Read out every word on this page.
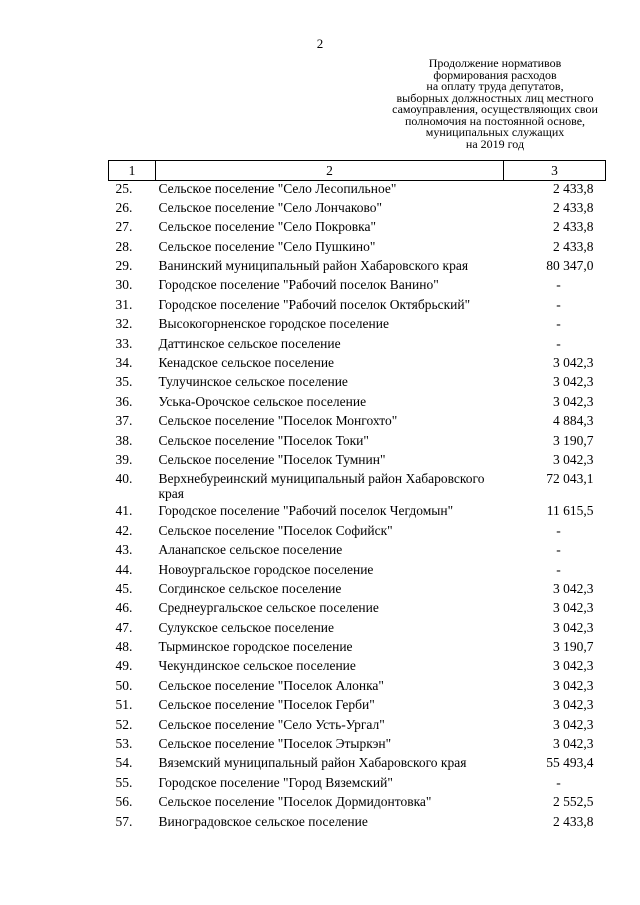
2
Продолжение нормативов
формирования расходов
на оплату труда депутатов,
выборных должностных лиц местного
самоуправления, осуществляющих свои
полномочия на постоянной основе,
муниципальных служащих
на 2019 год
1	2	3
25.	Сельское поселение "Село Лесопильное"	2 433,8
26.	Сельское поселение "Село Лончаково"	2 433,8
27.	Сельское поселение "Село Покровка"	2 433,8
28.	Сельское поселение "Село Пушкино"	2 433,8
29.	Ванинский муниципальный район Хабаровского края	80 347,0
30.	Городское поселение "Рабочий поселок Ванино"	-
31.	Городское поселение "Рабочий поселок Октябрьский"	-
32.	Высокогорненское городское поселение	-
33.	Даттинское сельское поселение	-
34.	Кенадское сельское поселение	3 042,3
35.	Тулучинское сельское поселение	3 042,3
36.	Уська-Орочское сельское поселение	3 042,3
37.	Сельское поселение "Поселок Монгохто"	4 884,3
38.	Сельское поселение "Поселок Токи"	3 190,7
39.	Сельское поселение "Поселок Тумнин"	3 042,3
40.	Верхнебуреинский муниципальный район Хабаровского края	72 043,1
41.	Городское поселение "Рабочий поселок Чегдомын"	11 615,5
42.	Сельское поселение "Поселок Софийск"	-
43.	Аланапское сельское поселение	-
44.	Новоургальское городское поселение	-
45.	Согдинское сельское поселение	3 042,3
46.	Среднеургальское сельское поселение	3 042,3
47.	Сулукское сельское поселение	3 042,3
48.	Тырминское городское поселение	3 190,7
49.	Чекундинское сельское поселение	3 042,3
50.	Сельское поселение "Поселок Алонка"	3 042,3
51.	Сельское поселение "Поселок Герби"	3 042,3
52.	Сельское поселение "Село Усть-Ургал"	3 042,3
53.	Сельское поселение "Поселок Этыркэн"	3 042,3
54.	Вяземский муниципальный район Хабаровского края	55 493,4
55.	Городское поселение "Город Вяземский"	-
56.	Сельское поселение "Поселок Дормидонтовка"	2 552,5
57.	Виноградовское сельское поселение	2 433,8
